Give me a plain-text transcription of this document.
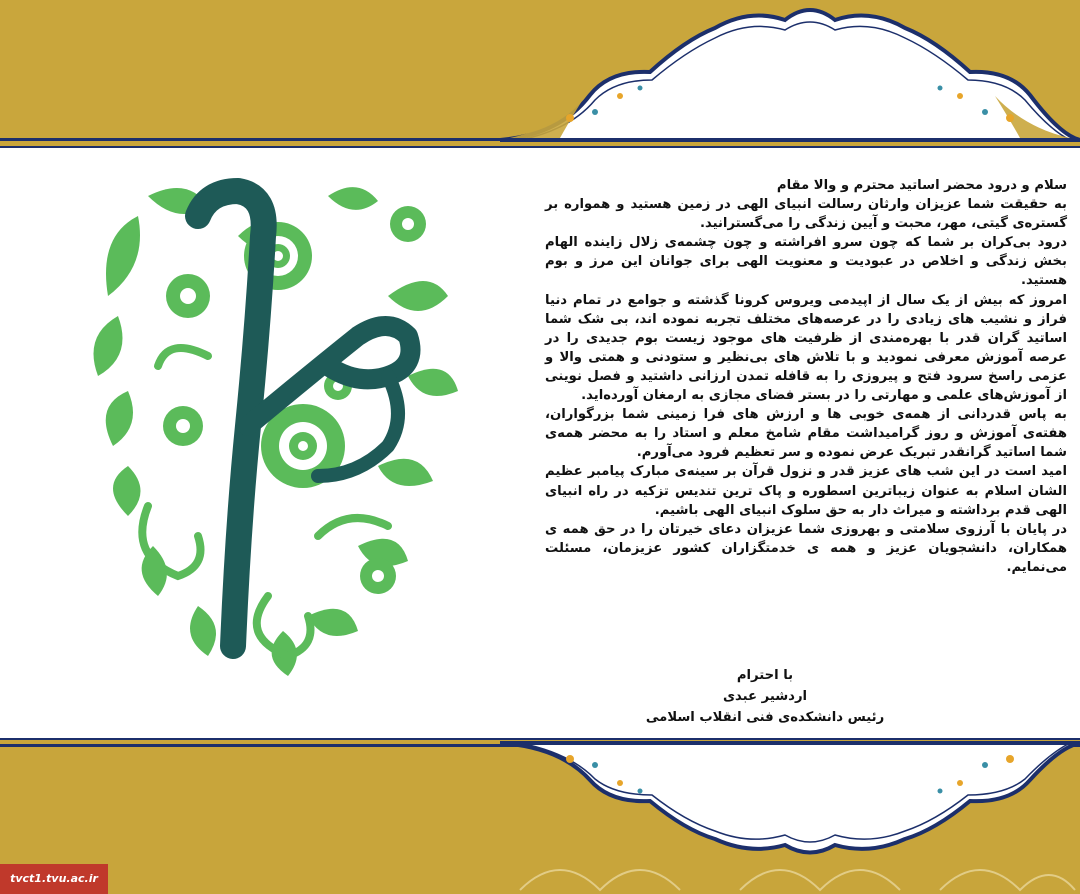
سلام و درود محضر اساتید محترم و والا مقام

به حقیقت شما عزیزان وارثان رسالت انبیای الهی در زمین هستید و همواره بر گستره‌ی گیتی، مهر، محبت و آیین زندگی را می‌گسترانید.

درود بی‌کران بر شما که چون سرو افراشته و چون چشمه‌ی زلال زاینده الهام بخش زندگی و اخلاص در عبودیت و معنویت الهی برای جوانان این مرز و بوم هستید.

امروز که بیش از یک سال از اپیدمی ویروس کرونا گذشته و جوامع در تمام دنیا فراز و نشیب های زیادی را در عرصه‌های مختلف تجربه نموده اند، بی شک شما اساتید گران قدر با بهره‌مندی از ظرفیت های موجود زیست بوم جدیدی را در عرصه آموزش معرفی نمودید و با تلاش های بی‌نظیر و ستودنی و همتی والا و عزمی راسخ سرود فتح و پیروزی را به قافله تمدن ارزانی داشتید و فصل نوینی از آموزش‌های علمی و مهارتی را در بستر فضای مجازی به ارمغان آورده‌اید.

به پاس قدردانی از همه‌ی خوبی ها و ارزش های فرا زمینی شما بزرگواران، هفته‌ی آموزش و روز گرامیداشت مقام شامخ معلم و استاد را به محضر همه‌ی شما اساتید گرانقدر تبریک عرض نموده و سر تعظیم فرود می‌آورم.

امید است در این شب های عزیز قدر و نزول قرآن بر سینه‌ی مبارک پیامبر عظیم الشان اسلام به عنوان زیباترین اسطوره و پاک ترین تندیس تزکیه در راه انبیای الهی قدم برداشته و میراث دار به حق سلوک انبیای الهی باشیم.

در پایان با آرزوی سلامتی و بهروزی شما عزیزان دعای خیرتان را در حق همه ی همکاران، دانشجویان عزیز و همه ی خدمتگزاران کشور عزیزمان، مسئلت می‌نمایم.

با احترام
اردشیر عبدی
رئیس دانشکده‌ی فنی انقلاب اسلامی
tvct1.tvu.ac.ir
